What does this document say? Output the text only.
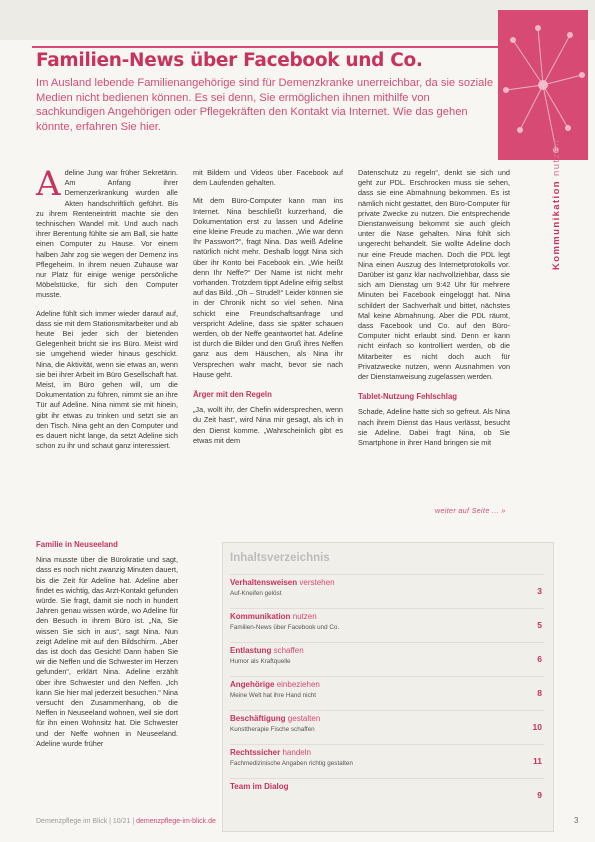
Familien-News über Facebook und Co.
Im Ausland lebende Familienangehörige sind für Demenzkranke unerreichbar, da sie soziale Medien nicht bedienen können. Es sei denn, Sie ermöglichen ihnen mithilfe von sachkundigen Angehörigen oder Pflegekräften den Kontakt via Internet. Wie das gehen könnte, erfahren Sie hier.
Kommunikation nutzen

Adeline Jung war früher Sekretärin. Am Anfang ihrer Demenzerkrankung wurden alle Akten handschriftlich geführt. Bis zu ihrem Renteneintritt machte sie den technischen Wandel mit. Und auch nach ihrer Berentung fühlte sie am Ball, sie hatte einen Computer zu Hause. Vor einem halben Jahr zog sie wegen der Demenz ins Pflegeheim. In ihrem neuen Zuhause war nur Platz für einige wenige persönliche Möbelstücke, für sich den Computer musste.

Adeline fühlt sich immer wieder darauf auf, dass sie mit dem Stationsmitarbeiter und ab heute Bei jeder sich der bietenden Gelegenheit bricht sie ins Büro. Meist wird sie umgehend wieder hinaus geschickt. Nina, die Aktivität, wenn sie etwas an, wenn sie bei ihrer Arbeit im Büro Gesellschaft hat. Meist, im Büro gehen will, um die Dokumentation zu führen, nimmt sie an ihre Tür auf Adeline. Nina nimmt sie mit hinein, gibt ihr etwas zu trinken und setzt sie an den Tisch. Nina geht an den Computer und es dauert nicht lange, da setzt Adeline sich schon zu ihr und schaut ganz interessiert.

Familie in Neuseeland

Nina musste über die Bürokratie und sagt, dass es noch nicht zwanzig Minuten dauert, bis die Zeit für Adeline hat. Adeline aber findet es wichtig, das Arzt-Kontakt gefunden würde. Sie fragt, damit sie noch in hundert Jahren genau wissen würde, wo Adeline für den Besuch in ihrem Büro ist. „Na, Sie wissen Sie sich in aus“, sagt Nina. Nun zeigt Adeline mit auf den Bildschirm. „Aber das ist doch das Gesicht! Dann haben Sie wir die Neffen und die Schwester im Herzen gefunden“, erklärt Nina. Adeline erzählt über ihre Schwester und den Neffen. „Ich kann Sie hier mal jederzeit besuchen.“ Nina versucht den Zusammenhang, ob die Neffen in Neuseeland wohnen, weil sie dort für ihn einen Wohnsitz hat. Die Schwester und der Neffe wohnen in Neuseeland. Adeline wurde früher

mit Bildern und Videos über Facebook auf dem Laufenden gehalten.

Mit dem Büro-Computer kann man ins Internet. Nina beschließt kurzerhand, die Dokumentation erst zu lassen und Adeline eine kleine Freude zu machen. „Wie war denn Ihr Passwort?“, fragt Nina. Das weiß Adeline natürlich nicht mehr. Deshalb loggt Nina sich über ihr Konto bei Facebook ein. „Wie heißt denn Ihr Neffe?“ Der Name ist nicht mehr vorhanden. Trotzdem tippt Adeline eifrig selbst auf das Bild. „Oh – Strudel!“ Leider können sie in der Chronik nicht so viel sehen. Nina schickt eine Freundschaftsanfrage und verspricht Adeline, dass sie später schauen werden, ob der Neffe geantwortet hat. Adeline ist durch die Bilder und den Gruß ihres Neffen ganz aus dem Häuschen, als Nina ihr Versprechen wahr macht, bevor sie nach Hause geht.

Ärger mit den Regeln

„Ja, wollt ihr, der Chefin widersprechen, wenn du Zeit hast“, wird Nina mir gesagt, als ich in den Dienst komme. „Wahrscheinlich gibt es etwas mit dem

Datenschutz zu regeln“, denkt sie sich und geht zur PDL. Erschrocken muss sie sehen, dass sie eine Abmahnung bekommen. Es ist nämlich nicht gestattet, den Büro-Computer für private Zwecke zu nutzen. Die entsprechende Dienstanweisung bekommt sie auch gleich unter die Nase gehalten. Nina fühlt sich ungerecht behandelt. Sie wollte Adeline doch nur eine Freude machen. Doch die PDL legt Nina einen Auszug des Internetprotokolls vor. Darüber ist ganz klar nachvollziehbar, dass sie sich am Dienstag um 9:42 Uhr für mehrere Minuten bei Facebook eingeloggt hat. Nina schildert der Sachverhalt und bittet, nächstes Mal keine Abmahnung. Aber die PDL räumt, dass Facebook und Co. auf den Büro-Computer nicht erlaubt sind. Denn er kann nicht einfach so kontrolliert werden, ob die Mitarbeiter es nicht doch auch für Privatzwecke nutzen, wenn Ausnahmen von der Dienstanweisung zugelassen werden.

Tablet-Nutzung Fehlschlag

Schade, Adeline hatte sich so gefreut. Als Nina nach ihrem Dienst das Haus verlässt, besucht sie Adeline. Dabei fragt Nina, ob Sie Smartphone in ihrer Hand bringen sie mit

weiter auf Seite ... »
Inhaltsverzeichnis
Verhaltensweisen verstehen
Auf-Kneifen gelöst	3
Kommunikation nutzen
Familien-News über Facebook und Co.	5
Entlastung schaffen
Humor als Kraftquelle	6
Angehörige einbeziehen
Meine Welt hat ihre Hand nicht	8
Beschäftigung gestalten
Kunsttherapie Fische schaffen	10
Rechtssicher handeln
Fachmedizinische Angaben richtig gestalten	11
Team im Dialog
9
Demenzpflege im Blick | 10/21 | demenzpflege-im-blick.de	3
